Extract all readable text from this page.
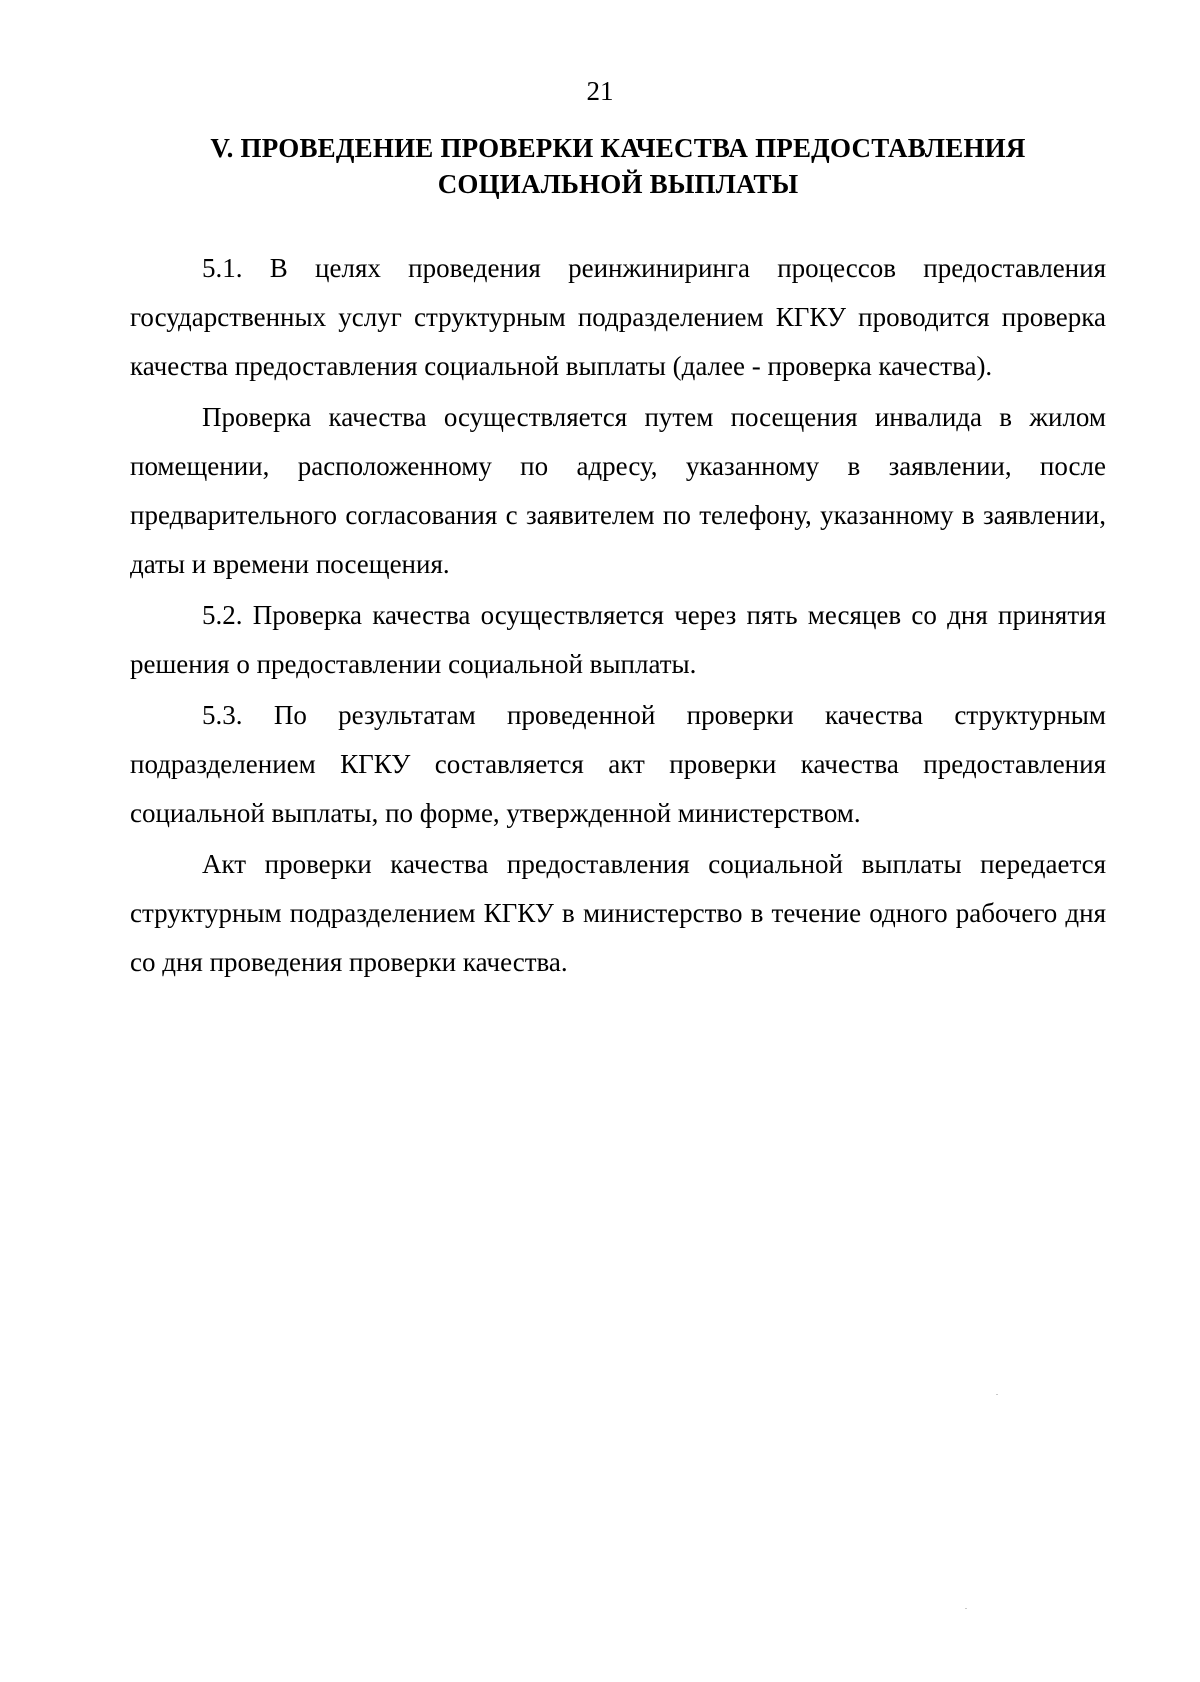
21
V. ПРОВЕДЕНИЕ ПРОВЕРКИ КАЧЕСТВА ПРЕДОСТАВЛЕНИЯ
СОЦИАЛЬНОЙ ВЫПЛАТЫ

5.1. В целях проведения реинжиниринга процессов предоставления государственных услуг структурным подразделением КГКУ проводится проверка качества предоставления социальной выплаты (далее - проверка качества).

Проверка качества осуществляется путем посещения инвалида в жилом помещении, расположенному по адресу, указанному в заявлении, после предварительного согласования с заявителем по телефону, указанному в заявлении, даты и времени посещения.

5.2. Проверка качества осуществляется через пять месяцев со дня принятия решения о предоставлении социальной выплаты.

5.3. По результатам проведенной проверки качества структурным подразделением КГКУ составляется акт проверки качества предоставления социальной выплаты, по форме, утвержденной министерством.

Акт проверки качества предоставления социальной выплаты передается структурным подразделением КГКУ в министерство в течение одного рабочего дня со дня проведения проверки качества.
